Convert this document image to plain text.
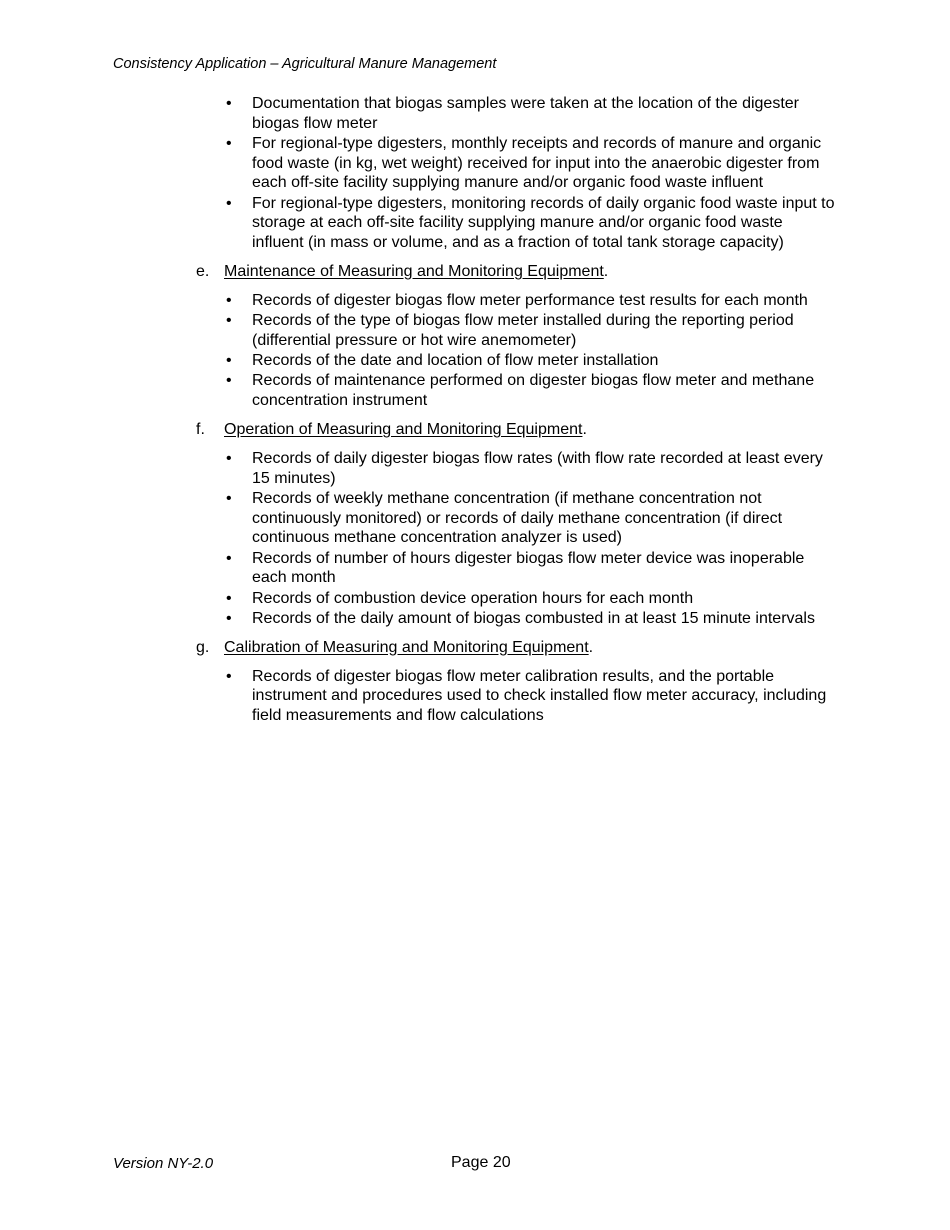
Consistency Application – Agricultural Manure Management
• Documentation that biogas samples were taken at the location of the digester biogas flow meter
• For regional-type digesters, monthly receipts and records of manure and organic food waste (in kg, wet weight) received for input into the anaerobic digester from each off-site facility supplying manure and/or organic food waste influent
• For regional-type digesters, monitoring records of daily organic food waste input to storage at each off-site facility supplying manure and/or organic food waste influent (in mass or volume, and as a fraction of total tank storage capacity)
e. Maintenance of Measuring and Monitoring Equipment.
• Records of digester biogas flow meter performance test results for each month
• Records of the type of biogas flow meter installed during the reporting period (differential pressure or hot wire anemometer)
• Records of the date and location of flow meter installation
• Records of maintenance performed on digester biogas flow meter and methane concentration instrument
f. Operation of Measuring and Monitoring Equipment.
• Records of daily digester biogas flow rates (with flow rate recorded at least every 15 minutes)
• Records of weekly methane concentration (if methane concentration not continuously monitored) or records of daily methane concentration (if direct continuous methane concentration analyzer is used)
• Records of number of hours digester biogas flow meter device was inoperable each month
• Records of combustion device operation hours for each month
• Records of the daily amount of biogas combusted in at least 15 minute intervals
g. Calibration of Measuring and Monitoring Equipment.
• Records of digester biogas flow meter calibration results, and the portable instrument and procedures used to check installed flow meter accuracy, including field measurements and flow calculations
Version NY-2.0	Page 20
